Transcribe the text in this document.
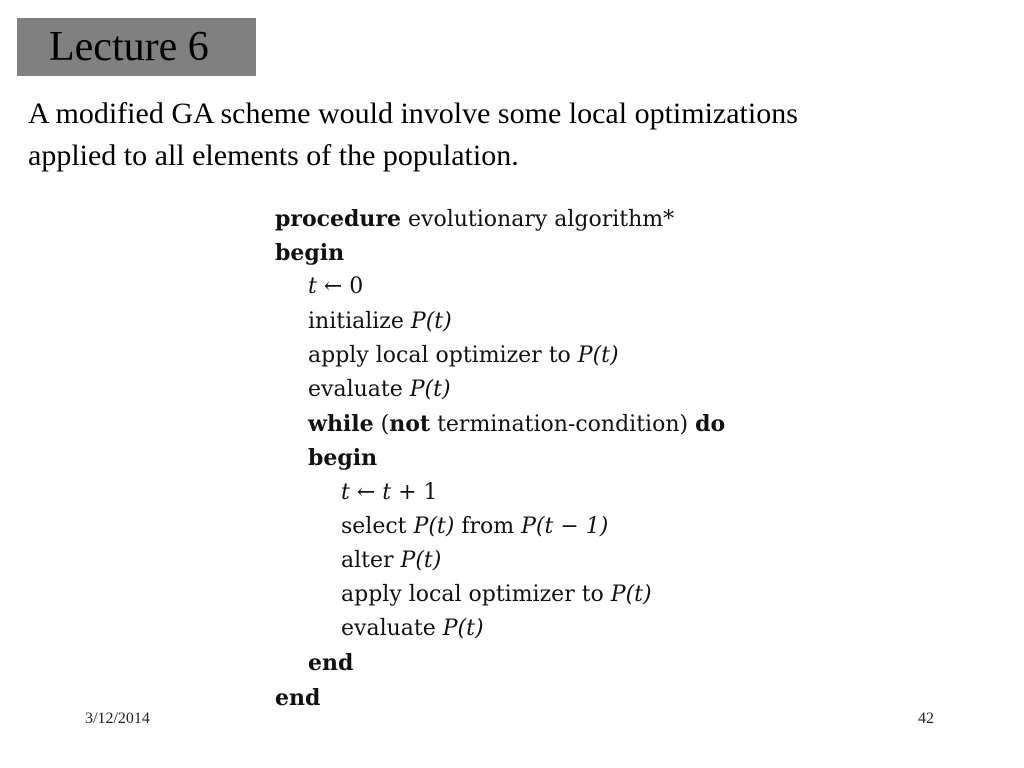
Lecture 6
A modified GA scheme would involve some local optimizations
applied to all elements of the population.
procedure evolutionary algorithm*
begin
t ← 0
initialize P(t)
apply local optimizer to P(t)
evaluate P(t)
while (not termination-condition) do
begin
t ← t + 1
select P(t) from P(t − 1)
alter P(t)
apply local optimizer to P(t)
evaluate P(t)
end
end
3/12/2014	42
